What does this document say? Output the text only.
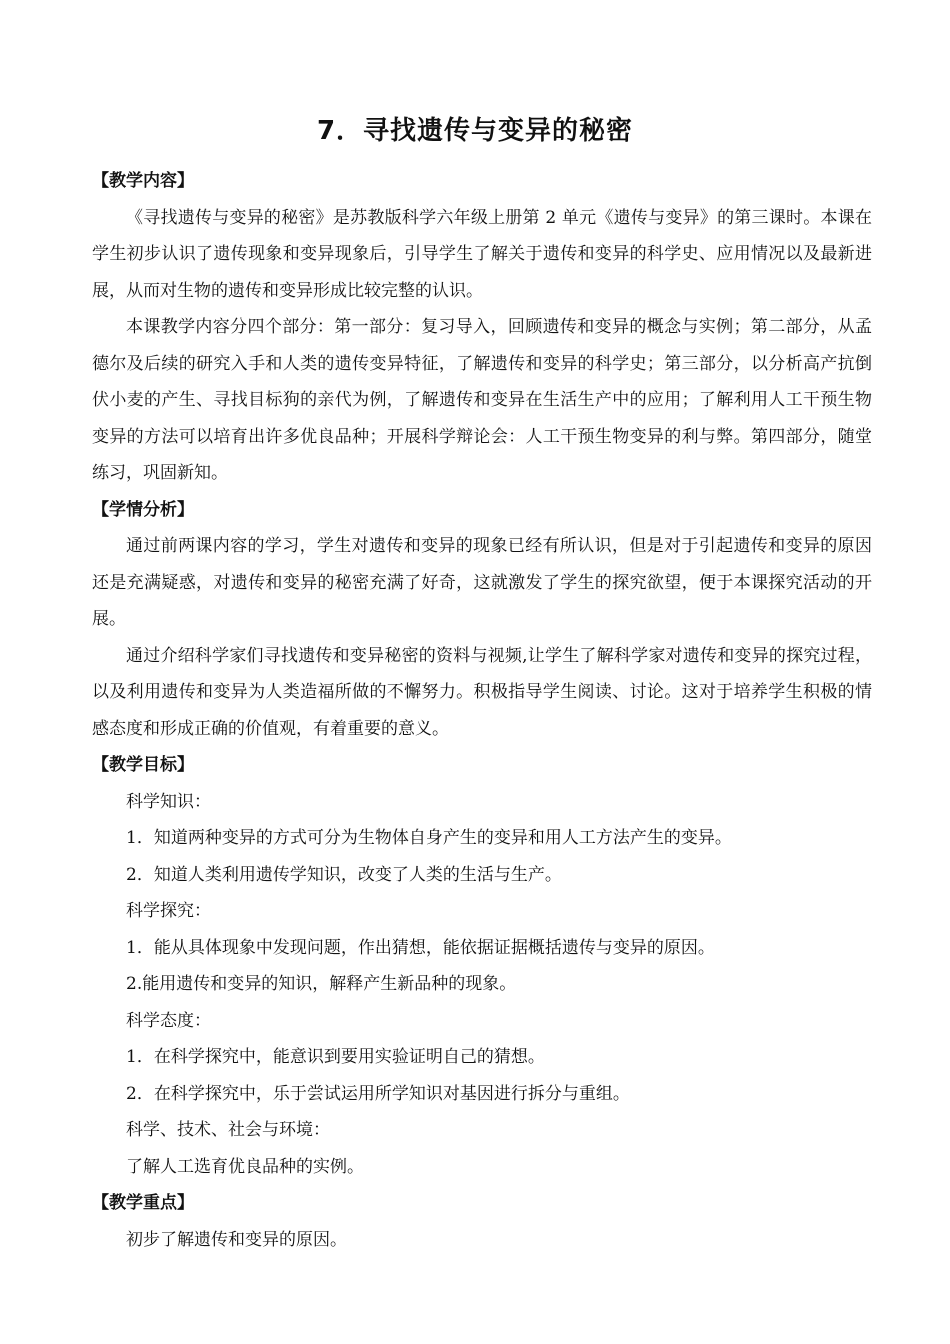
7．寻找遗传与变异的秘密

【教学内容】

《寻找遗传与变异的秘密》是苏教版科学六年级上册第 2 单元《遗传与变异》的第三课时。本课在学生初步认识了遗传现象和变异现象后，引导学生了解关于遗传和变异的科学史、应用情况以及最新进展，从而对生物的遗传和变异形成比较完整的认识。

本课教学内容分四个部分：第一部分：复习导入，回顾遗传和变异的概念与实例；第二部分，从孟德尔及后续的研究入手和人类的遗传变异特征，了解遗传和变异的科学史；第三部分，以分析高产抗倒伏小麦的产生、寻找目标狗的亲代为例，了解遗传和变异在生活生产中的应用；了解利用人工干预生物变异的方法可以培育出许多优良品种；开展科学辩论会：人工干预生物变异的利与弊。第四部分，随堂练习，巩固新知。

【学情分析】

通过前两课内容的学习，学生对遗传和变异的现象已经有所认识，但是对于引起遗传和变异的原因还是充满疑惑，对遗传和变异的秘密充满了好奇，这就激发了学生的探究欲望，便于本课探究活动的开展。

通过介绍科学家们寻找遗传和变异秘密的资料与视频,让学生了解科学家对遗传和变异的探究过程，以及利用遗传和变异为人类造福所做的不懈努力。积极指导学生阅读、讨论。这对于培养学生积极的情感态度和形成正确的价值观，有着重要的意义。

【教学目标】

科学知识：

1．知道两种变异的方式可分为生物体自身产生的变异和用人工方法产生的变异。

2．知道人类利用遗传学知识，改变了人类的生活与生产。

科学探究：

1．能从具体现象中发现问题，作出猜想，能依据证据概括遗传与变异的原因。

2.能用遗传和变异的知识，解释产生新品种的现象。

科学态度：

1．在科学探究中，能意识到要用实验证明自己的猜想。

2．在科学探究中，乐于尝试运用所学知识对基因进行拆分与重组。

科学、技术、社会与环境：

了解人工选育优良品种的实例。

【教学重点】

初步了解遗传和变异的原因。
